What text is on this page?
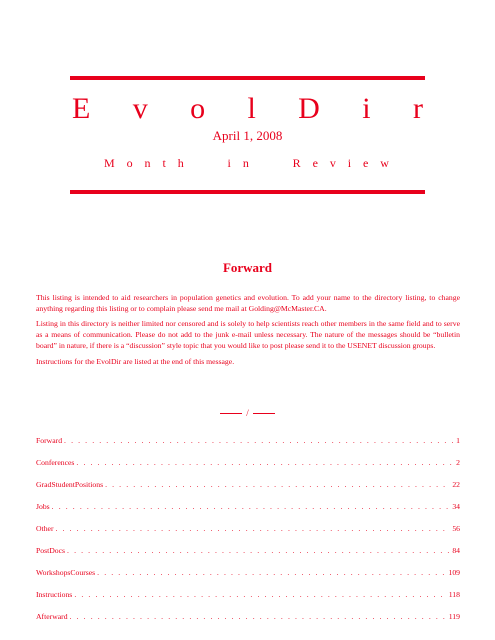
E v o l D i r
April 1, 2008
M o n t h	i n	R e v i e w
Forward

This listing is intended to aid researchers in population genetics and evolution. To add your name to the directory listing, to change anything regarding this listing or to complain please send me mail at Golding@McMaster.CA.

Listing in this directory is neither limited nor censored and is solely to help scientists reach other members in the same field and to serve as a means of communication. Please do not add to the junk e-mail unless necessary. The nature of the messages should be “bulletin board” in nature, if there is a “discussion” style topic that you would like to post please send it to the USENET discussion groups.

Instructions for the EvolDir are listed at the end of this message.

/
Forward . . .	1
Conferences . . .	2
GradStudentPositions . . .	22
Jobs . . .	34
Other . . .	56
PostDocs . . .	84
WorkshopsCourses . . .	109
Instructions . . .	118
Afterward . . .	119
